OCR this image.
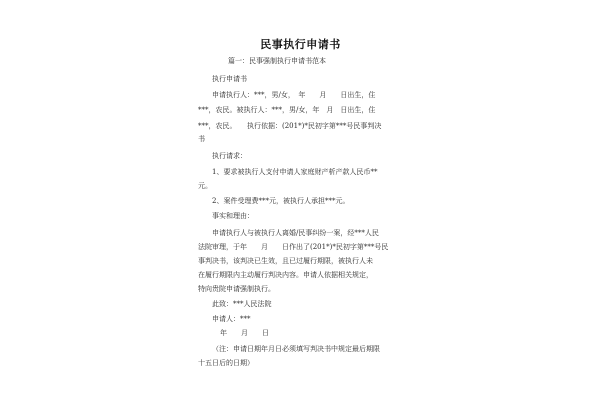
民事执行申请书
篇一：民事强制执行申请书范本
执行申请书
申请执行人：***，男/女，　年　　月　　日出生，住
***，农民。被执行人：***，男/女，年　月　日出生，住
***，农民。　　执行依据：(201*)*民初字第***号民事判决
书
执行请求：
1、要求被执行人支付申请人家庭财产析产款人民币**
元。
2、案件受理费***元，被执行人承担***元。
事实和理由：
申请执行人与被执行人离婚/民事纠纷一案，经***人民
法院审理，于年　　月　　日作出了(201*)*民初字第***号民
事判决书，该判决已生效，且已过履行期限，被执行人未
在履行期限内主动履行判决内容。申请人依据相关规定，
特向贵院申请强制执行。
此致：***人民法院
申请人：***
年　　月　　日
（注：申请日期年月日必须填写判决书中规定最后期限
十五日后的日期）
